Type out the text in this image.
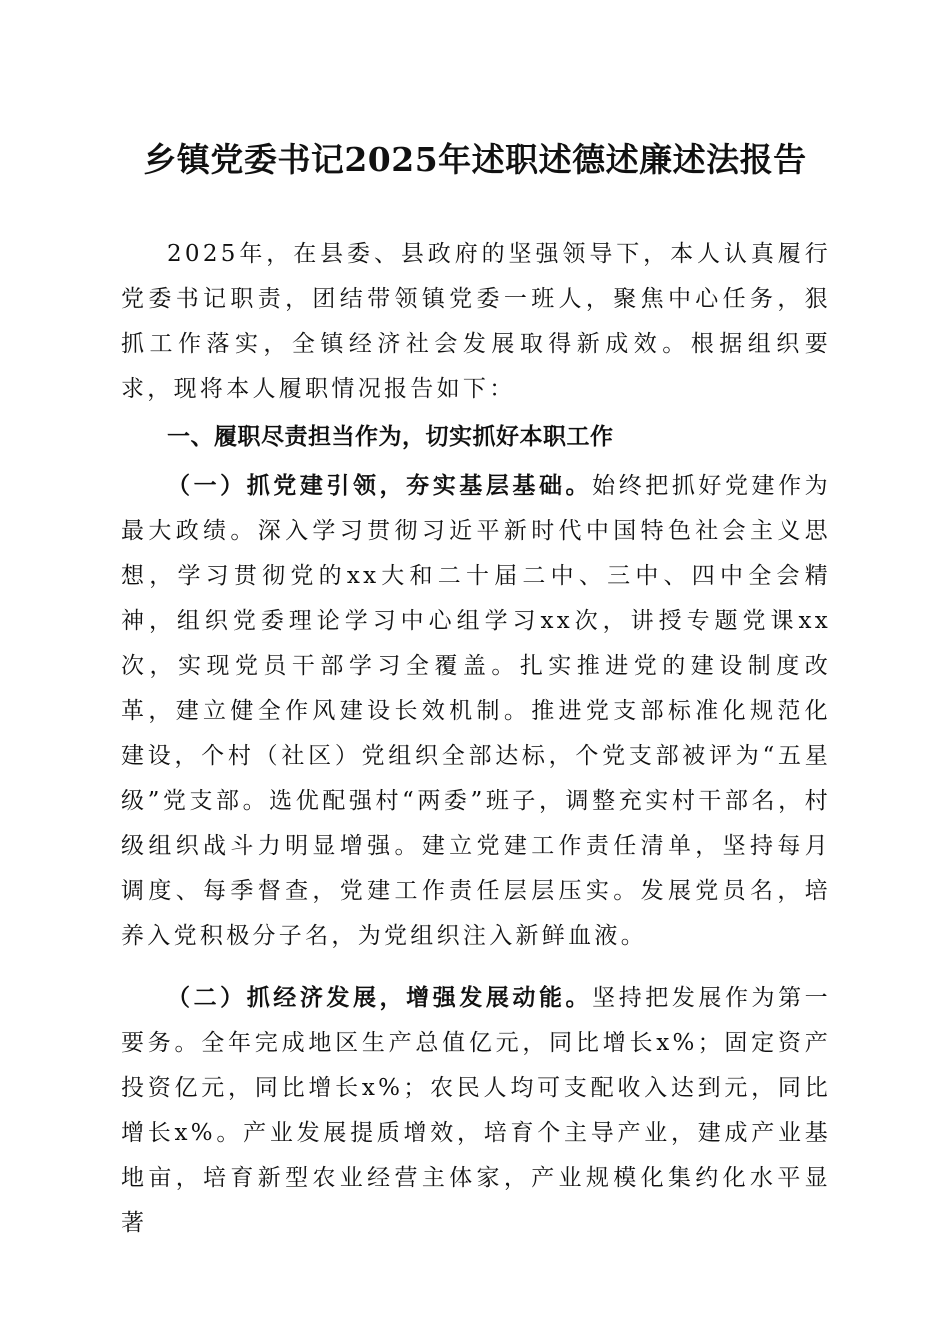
乡镇党委书记2025年述职述德述廉述法报告

2025年，在县委、县政府的坚强领导下，本人认真履行党委书记职责，团结带领镇党委一班人，聚焦中心任务，狠抓工作落实，全镇经济社会发展取得新成效。根据组织要求，现将本人履职情况报告如下：

一、履职尽责担当作为，切实抓好本职工作

（一）抓党建引领，夯实基层基础。始终把抓好党建作为最大政绩。深入学习贯彻习近平新时代中国特色社会主义思想，学习贯彻党的xx大和二十届二中、三中、四中全会精神，组织党委理论学习中心组学习xx次，讲授专题党课xx次，实现党员干部学习全覆盖。扎实推进党的建设制度改革，建立健全作风建设长效机制。推进党支部标准化规范化建设，个村（社区）党组织全部达标，个党支部被评为“五星级”党支部。选优配强村“两委”班子，调整充实村干部名，村级组织战斗力明显增强。建立党建工作责任清单，坚持每月调度、每季督查，党建工作责任层层压实。发展党员名，培养入党积极分子名，为党组织注入新鲜血液。

（二）抓经济发展，增强发展动能。坚持把发展作为第一要务。全年完成地区生产总值亿元，同比增长x%；固定资产投资亿元，同比增长x%；农民人均可支配收入达到元，同比增长x%。产业发展提质增效，培育个主导产业，建成产业基地亩，培育新型农业经营主体家，产业规模化集约化水平显著
